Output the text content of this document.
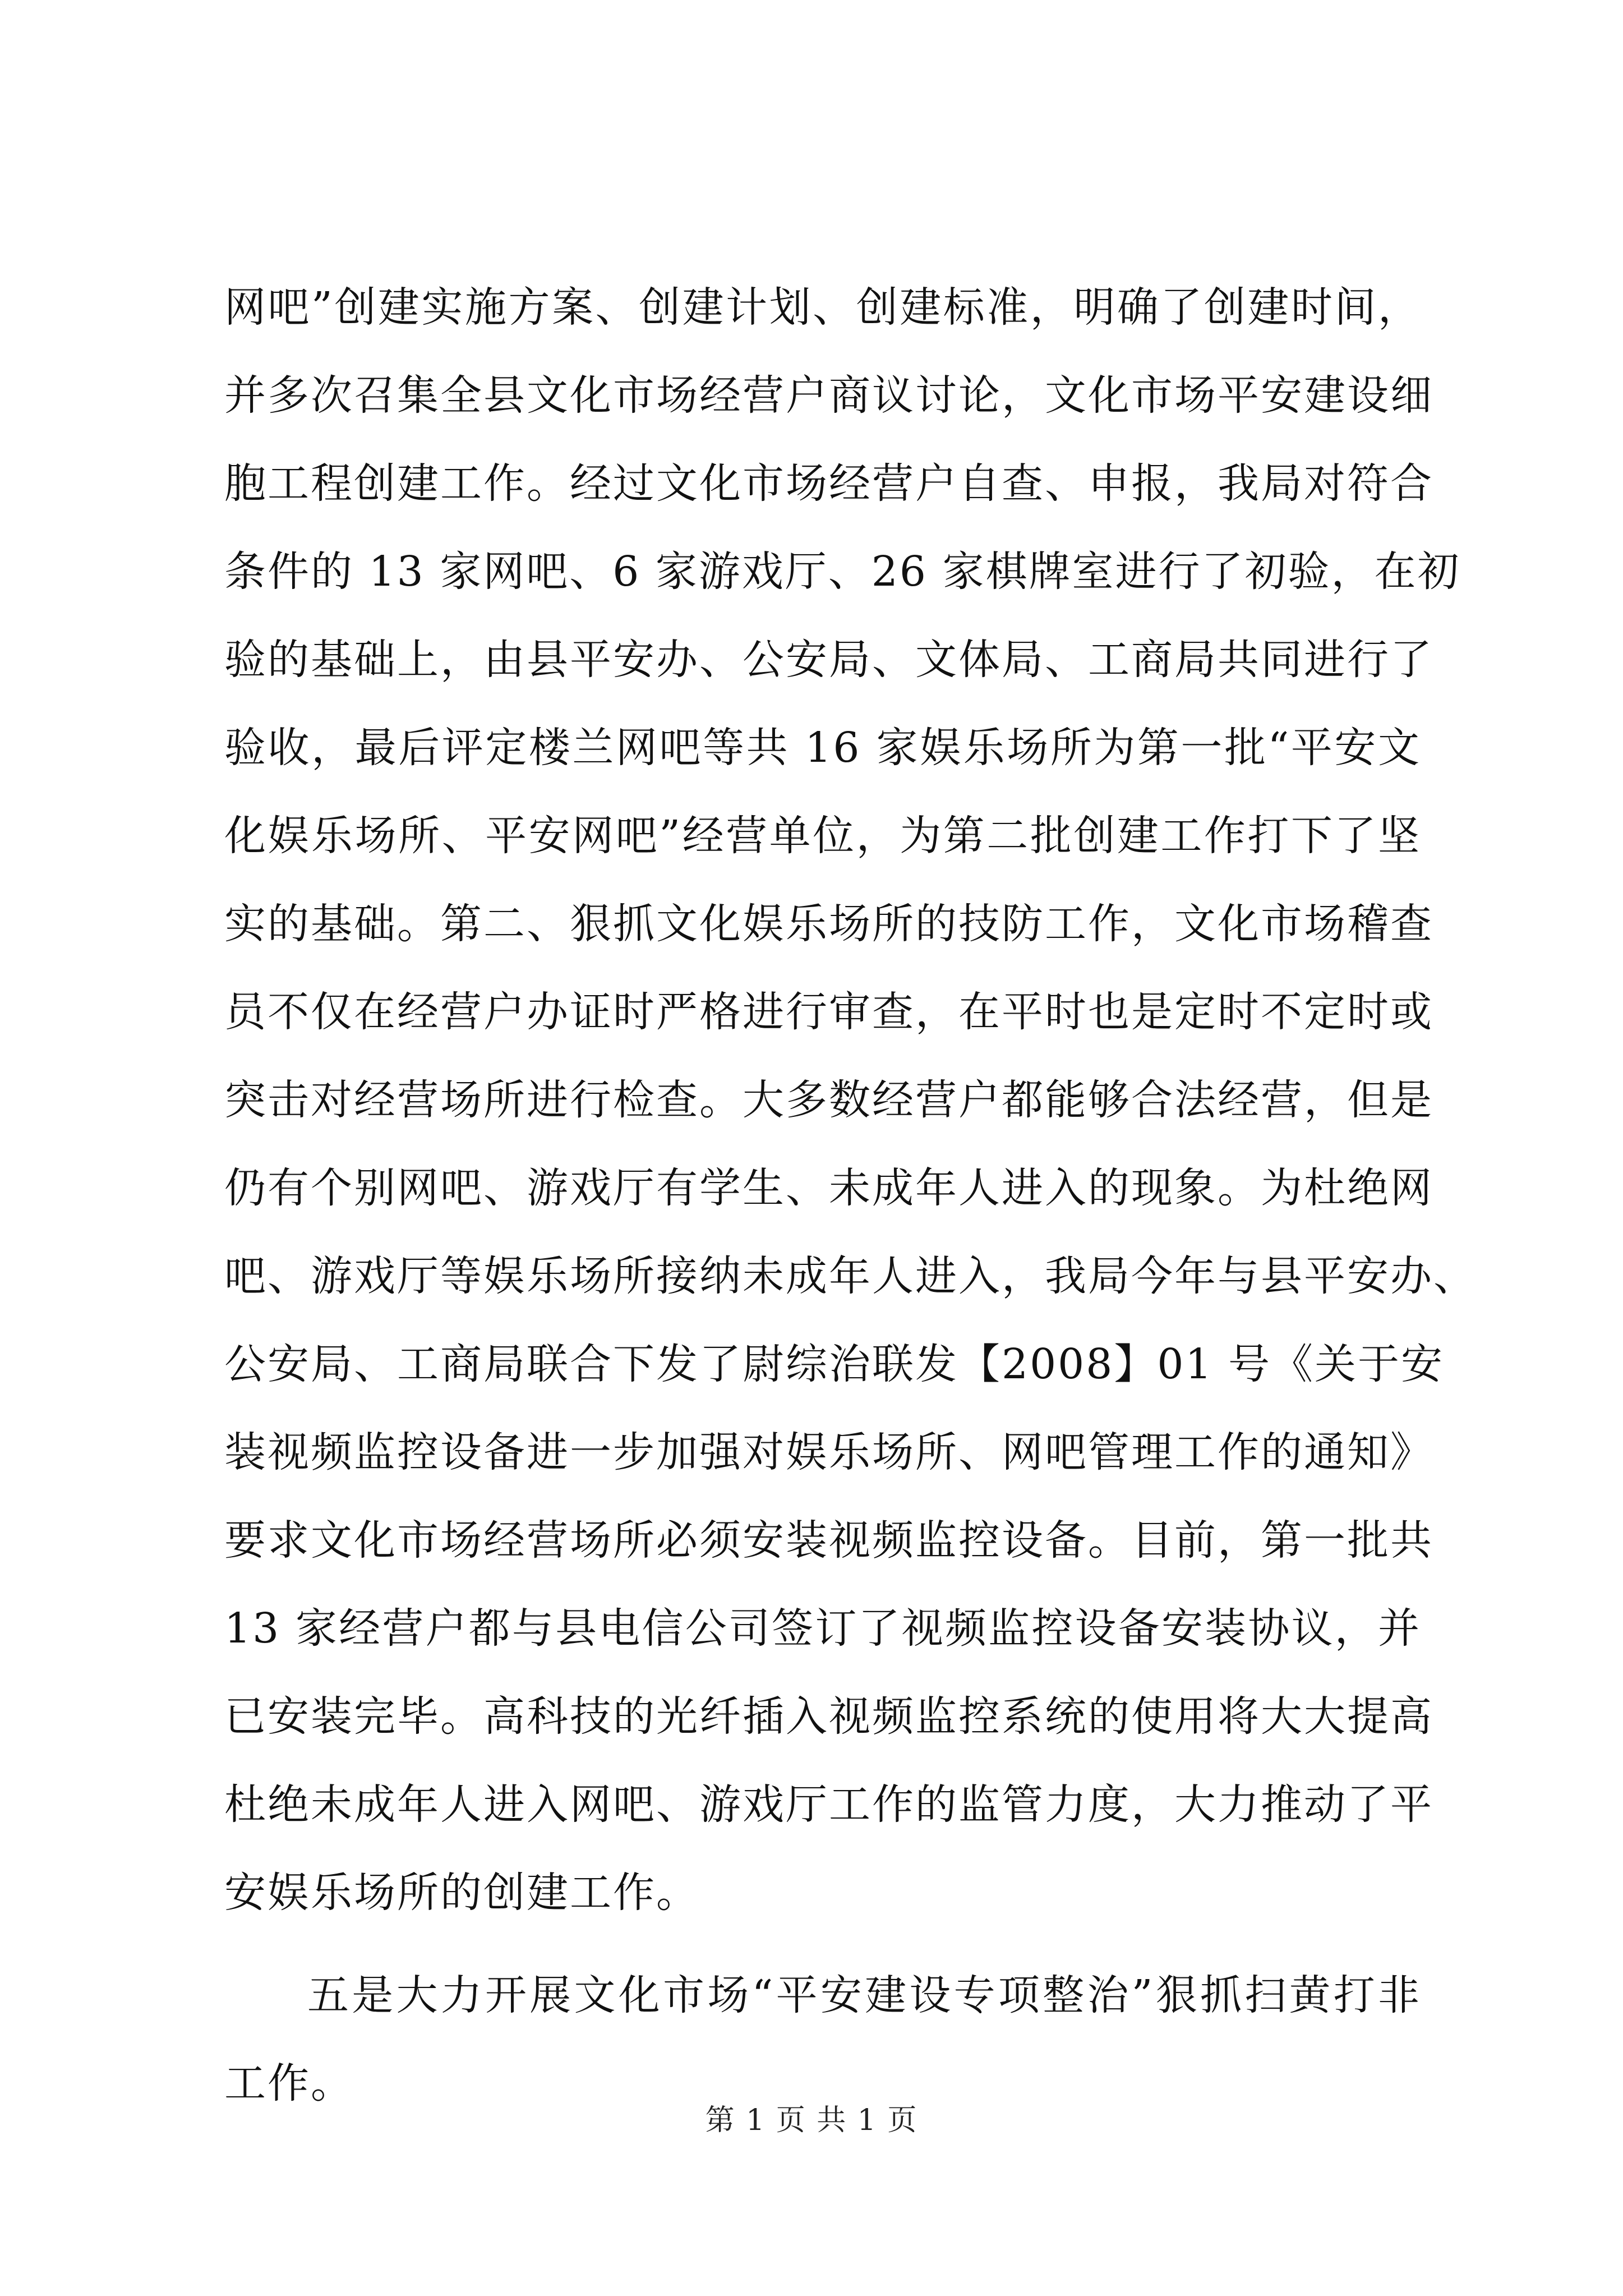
网吧”创建实施方案、创建计划、创建标准，明确了创建时间，
并多次召集全县文化市场经营户商议讨论，文化市场平安建设细
胞工程创建工作。经过文化市场经营户自查、申报，我局对符合
条件的 13 家网吧、6 家游戏厅、26 家棋牌室进行了初验，在初
验的基础上，由县平安办、公安局、文体局、工商局共同进行了
验收，最后评定楼兰网吧等共 16 家娱乐场所为第一批“平安文
化娱乐场所、平安网吧”经营单位，为第二批创建工作打下了坚
实的基础。第二、狠抓文化娱乐场所的技防工作，文化市场稽查
员不仅在经营户办证时严格进行审查，在平时也是定时不定时或
突击对经营场所进行检查。大多数经营户都能够合法经营，但是
仍有个别网吧、游戏厅有学生、未成年人进入的现象。为杜绝网
吧、游戏厅等娱乐场所接纳未成年人进入，我局今年与县平安办、
公安局、工商局联合下发了尉综治联发【2008】01 号《关于安
装视频监控设备进一步加强对娱乐场所、网吧管理工作的通知》
要求文化市场经营场所必须安装视频监控设备。目前，第一批共
13 家经营户都与县电信公司签订了视频监控设备安装协议，并
已安装完毕。高科技的光纤插入视频监控系统的使用将大大提高
杜绝未成年人进入网吧、游戏厅工作的监管力度，大力推动了平
安娱乐场所的创建工作。
五是大力开展文化市场“平安建设专项整治”狠抓扫黄打非
工作。
第 1 页 共 1 页
